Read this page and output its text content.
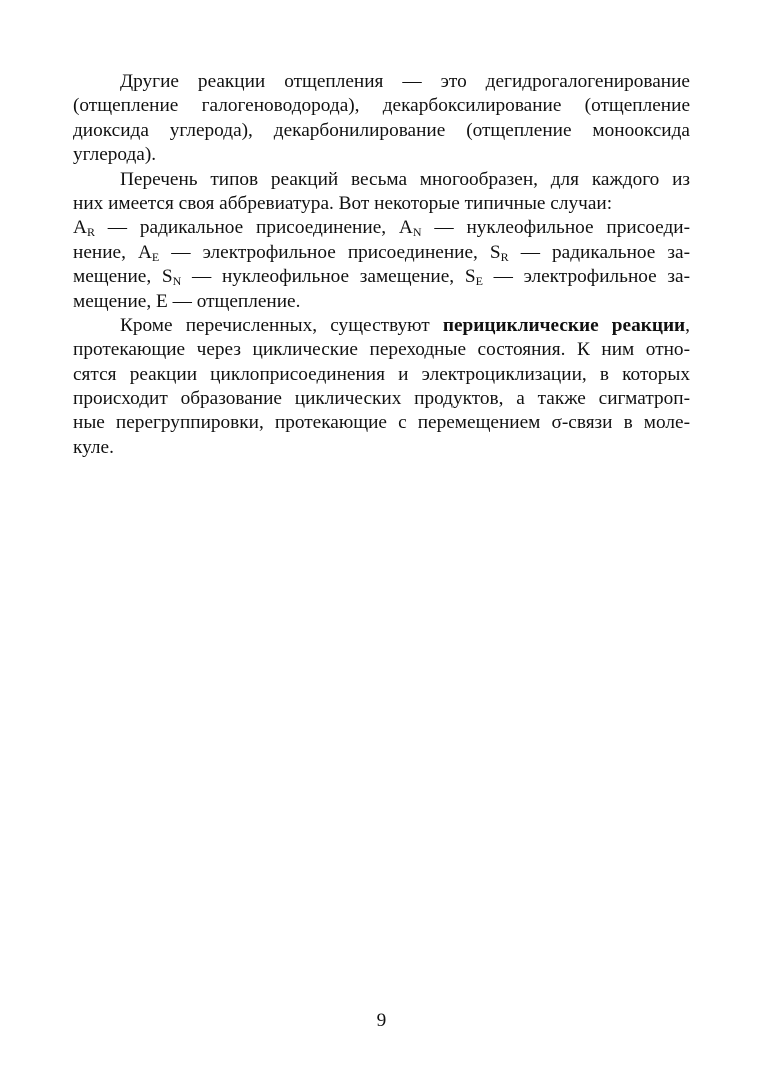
Другие реакции отщепления — это дегидрогалогенирование
(отщепление галогеноводорода), декарбоксилирование (отщепление
диоксида углерода), декарбонилирование (отщепление монооксида
углерода).
Перечень типов реакций весьма многообразен, для каждого из
них имеется своя аббревиатура. Вот некоторые типичные случаи:
$A_R$ — радикальное присоединение, $A_N$ — нуклеофильное присоеди-
нение, $A_E$ — электрофильное присоединение, $S_R$ — радикальное за-
мещение, $S_N$ — нуклеофильное замещение, $S_E$ — электрофильное за-
мещение, E — отщепление.
Кроме перечисленных, существуют перициклические реакции,
протекающие через циклические переходные состояния. К ним отно-
сятся реакции циклоприсоединения и электроциклизации, в которых
происходит образование циклических продуктов, а также сигматроп-
ные перегруппировки, протекающие с перемещением σ-связи в моле-
куле.
9
